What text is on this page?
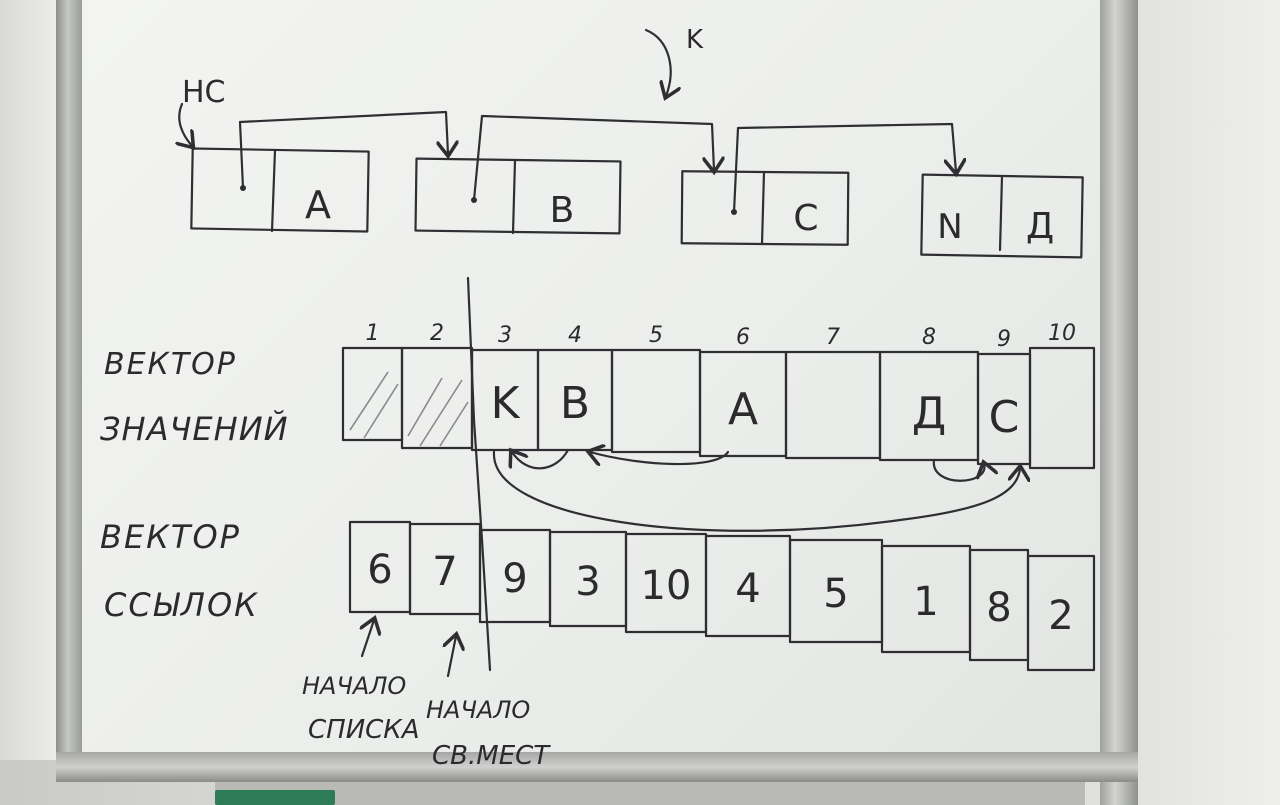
HC
K
A	B	C	N Д
ВЕКТОР
ЗНАЧЕНИЙ
1 2 3
K
4
B
5	6
A
7	8
Д
9
C
10
ВЕКТОР
ССЫЛОК
6 7 9 3 10 4 5 1 8 2
НАЧАЛО
СПИСКА
НАЧАЛО
СВ.МЕСТ
